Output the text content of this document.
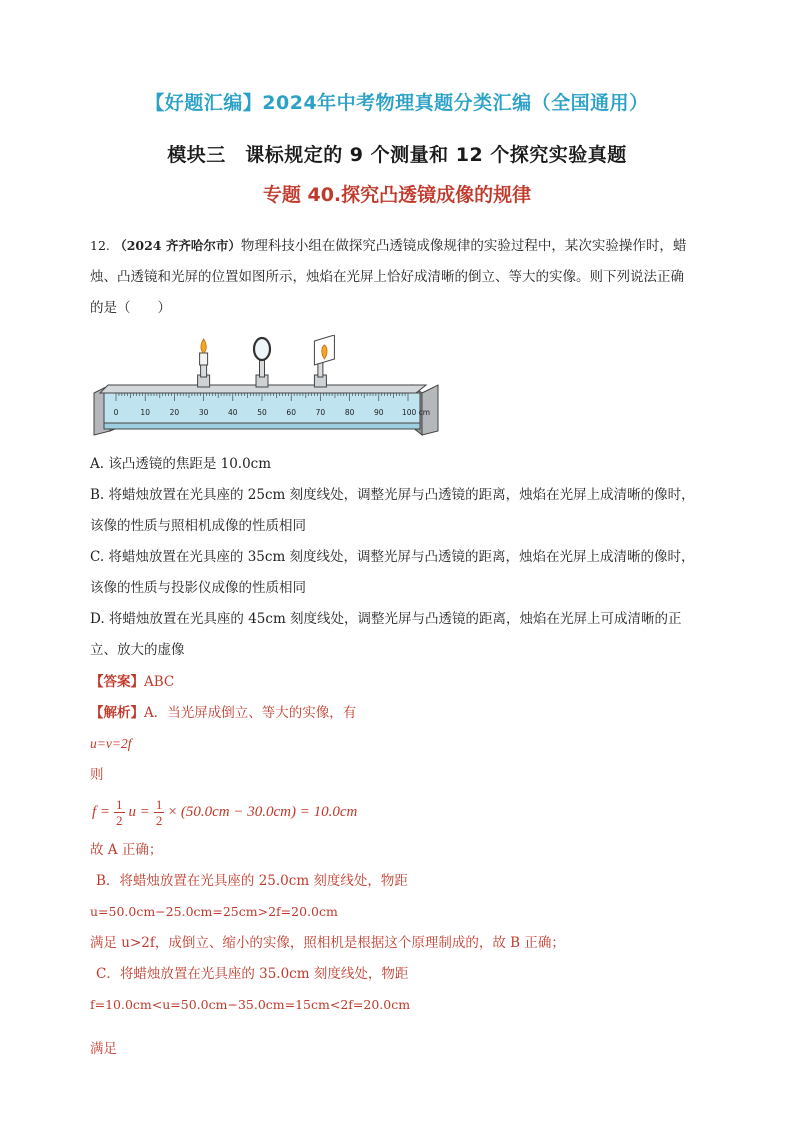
【好题汇编】2024年中考物理真题分类汇编（全国通用）
模块三　课标规定的 9 个测量和 12 个探究实验真题
专题 40.探究凸透镜成像的规律
12. （2024 齐齐哈尔市）物理科技小组在做探究凸透镜成像规律的实验过程中，某次实验操作时，蜡
烛、凸透镜和光屏的位置如图所示，烛焰在光屏上恰好成清晰的倒立、等大的实像。则下列说法正确
的是（　　）
0	10	20	30	40	50	60	70	80	90 100 cm
A. 该凸透镜的焦距是 10.0cm
B. 将蜡烛放置在光具座的 25cm 刻度线处，调整光屏与凸透镜的距离，烛焰在光屏上成清晰的像时，
该像的性质与照相机成像的性质相同
C. 将蜡烛放置在光具座的 35cm 刻度线处，调整光屏与凸透镜的距离，烛焰在光屏上成清晰的像时，
该像的性质与投影仪成像的性质相同
D. 将蜡烛放置在光具座的 45cm 刻度线处，调整光屏与凸透镜的距离，烛焰在光屏上可成清晰的正
立、放大的虚像
【答案】ABC
【解析】A．当光屏成倒立、等大的实像，有
u=v=2f
则
$f = \frac{1}{2}$ $u = \frac{1}{2} \times (50.0cm - 30.0cm) = 10.0cm$
故 A 正确；
B．将蜡烛放置在光具座的 25.0cm 刻度线处，物距
u=50.0cm−25.0cm=25cm>2f=20.0cm
满足 u>2f，成倒立、缩小的实像，照相机是根据这个原理制成的，故 B 正确；
C．将蜡烛放置在光具座的 35.0cm 刻度线处，物距
f=10.0cm<u=50.0cm−35.0cm=15cm<2f=20.0cm
满足
